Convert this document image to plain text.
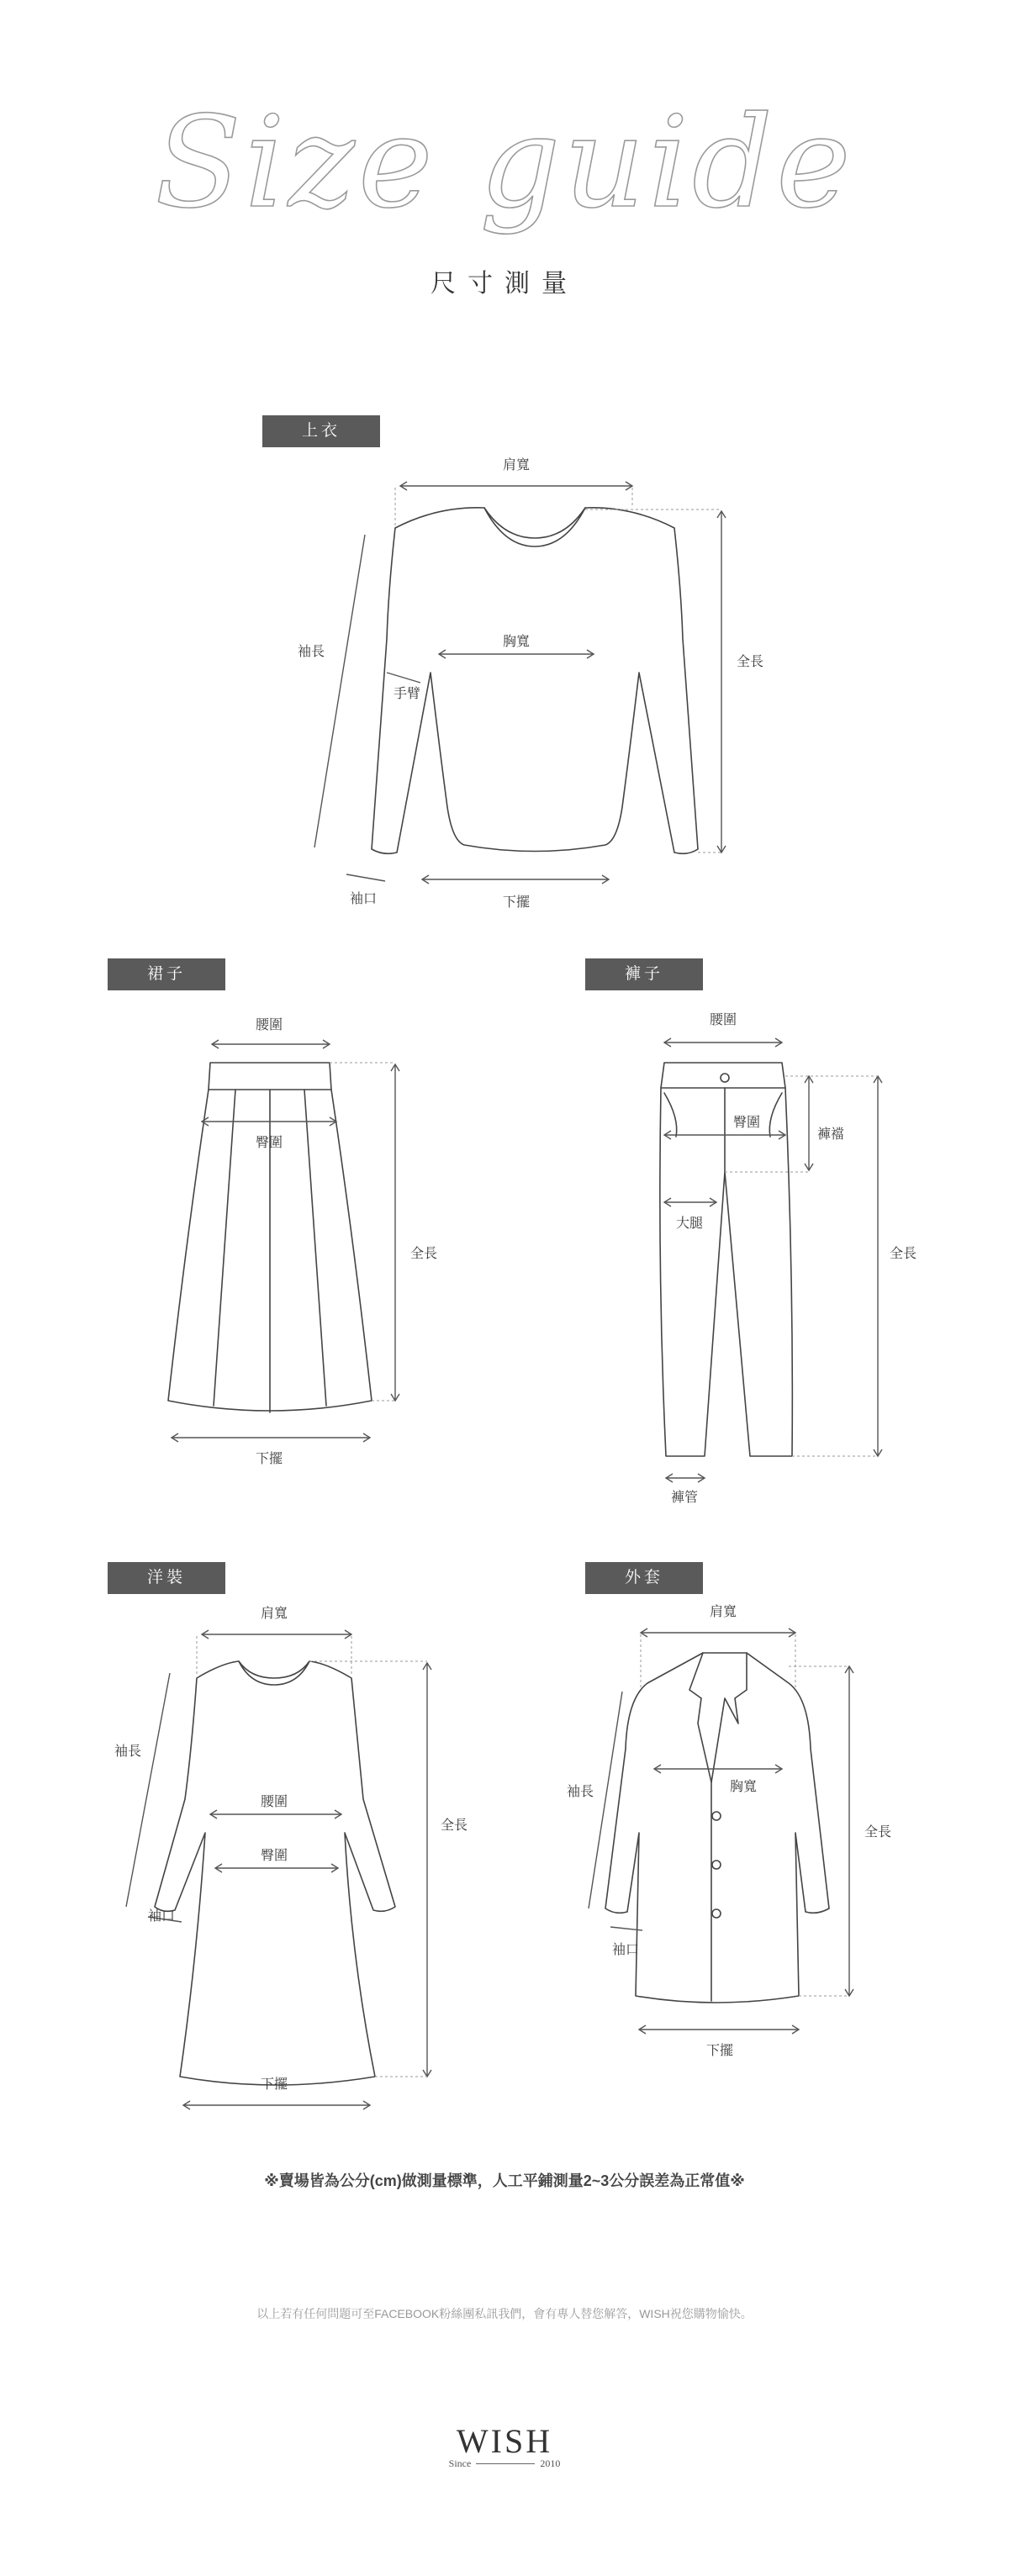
Size guide
尺寸測量
上衣
肩寬
袖長
胸寬
手臂
全長
袖口	下擺
裙子
腰圍
臀圍
全長
下擺
褲子
腰圍
臀圍
褲襠
大腿
全長
褲管
洋裝
肩寬
袖長
腰圍
臀圍
全長
袖口
下擺
外套
肩寬
袖長	胸寬
全長
袖口
下擺
※賣場皆為公分(cm)做測量標準，人工平鋪測量2~3公分誤差為正常值※
以上若有任何問題可至FACEBOOK粉絲團私訊我們，會有專人替您解答，WISH祝您購物愉快。
WISH
Since	2010
